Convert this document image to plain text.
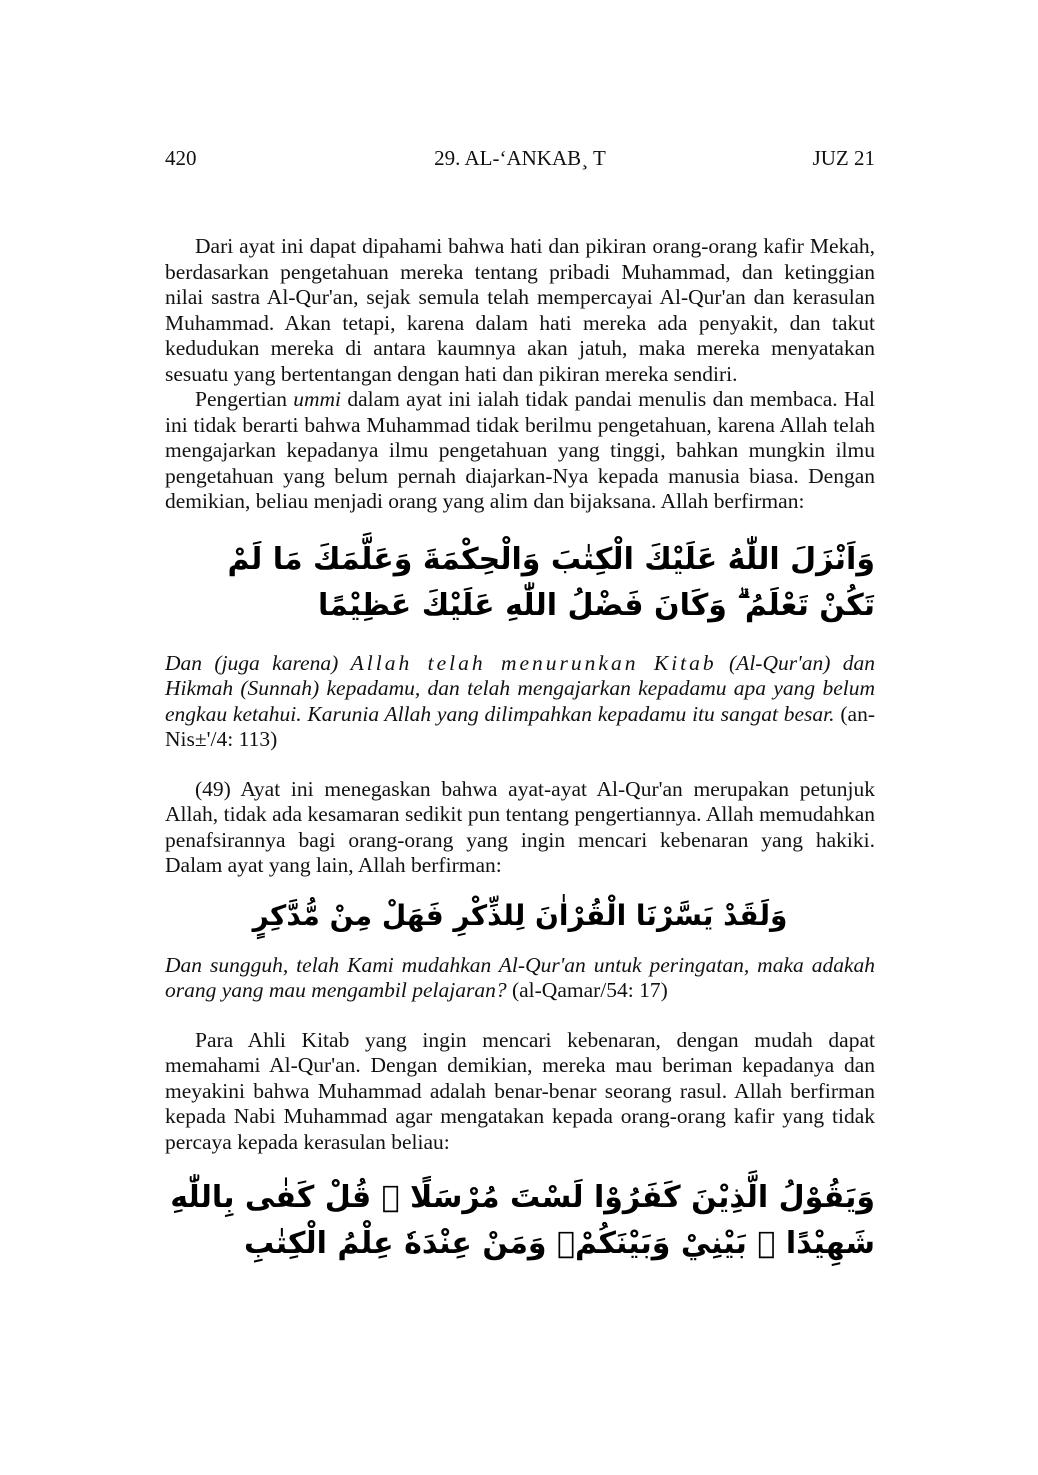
420	29. AL-‘ANKAB¸ T	JUZ 21

Dari ayat ini dapat dipahami bahwa hati dan pikiran orang-orang kafir Mekah, berdasarkan pengetahuan mereka tentang pribadi Muhammad, dan ketinggian nilai sastra Al-Qur'an, sejak semula telah mempercayai Al-Qur'an dan kerasulan Muhammad. Akan tetapi, karena dalam hati mereka ada penyakit, dan takut kedudukan mereka di antara kaumnya akan jatuh, maka mereka menyatakan sesuatu yang bertentangan dengan hati dan pikiran mereka sendiri.

Pengertian ummi dalam ayat ini ialah tidak pandai menulis dan membaca. Hal ini tidak berarti bahwa Muhammad tidak berilmu pengetahuan, karena Allah telah mengajarkan kepadanya ilmu pengetahuan yang tinggi, bahkan mungkin ilmu pengetahuan yang belum pernah diajarkan-Nya kepada manusia biasa. Dengan demikian, beliau menjadi orang yang alim dan bijaksana. Allah berfirman:

وَاَنْزَلَ اللّٰهُ عَلَيْكَ الْكِتٰبَ وَالْحِكْمَةَ وَعَلَّمَكَ مَا لَمْ تَكُنْ تَعْلَمُ ۗ وَكَانَ فَضْلُ اللّٰهِ عَلَيْكَ عَظِيْمًا

Dan (juga karena) Allah telah menurunkan Kitab (Al-Qur'an) dan Hikmah (Sunnah) kepadamu, dan telah mengajarkan kepadamu apa yang belum engkau ketahui. Karunia Allah yang dilimpahkan kepadamu itu sangat besar. (an-Nis±'/4: 113)

(49) Ayat ini menegaskan bahwa ayat-ayat Al-Qur'an merupakan petunjuk Allah, tidak ada kesamaran sedikit pun tentang pengertiannya. Allah memudahkan penafsirannya bagi orang-orang yang ingin mencari kebenaran yang hakiki. Dalam ayat yang lain, Allah berfirman:

وَلَقَدْ يَسَّرْنَا الْقُرْاٰنَ لِلذِّكْرِ فَهَلْ مِنْ مُّدَّكِرٍ

Dan sungguh, telah Kami mudahkan Al-Qur'an untuk peringatan, maka adakah orang yang mau mengambil pelajaran? (al-Qamar/54: 17)

Para Ahli Kitab yang ingin mencari kebenaran, dengan mudah dapat memahami Al-Qur'an. Dengan demikian, mereka mau beriman kepadanya dan meyakini bahwa Muhammad adalah benar-benar seorang rasul. Allah berfirman kepada Nabi Muhammad agar mengatakan kepada orang-orang kafir yang tidak percaya kepada kerasulan beliau:

وَيَقُوْلُ الَّذِيْنَ كَفَرُوْا لَسْتَ مُرْسَلًا ۗ قُلْ كَفٰى بِاللّٰهِ شَهِيْدًا ۢ بَيْنِيْ وَبَيْنَكُمْۙ وَمَنْ عِنْدَهٗ عِلْمُ الْكِتٰبِ
